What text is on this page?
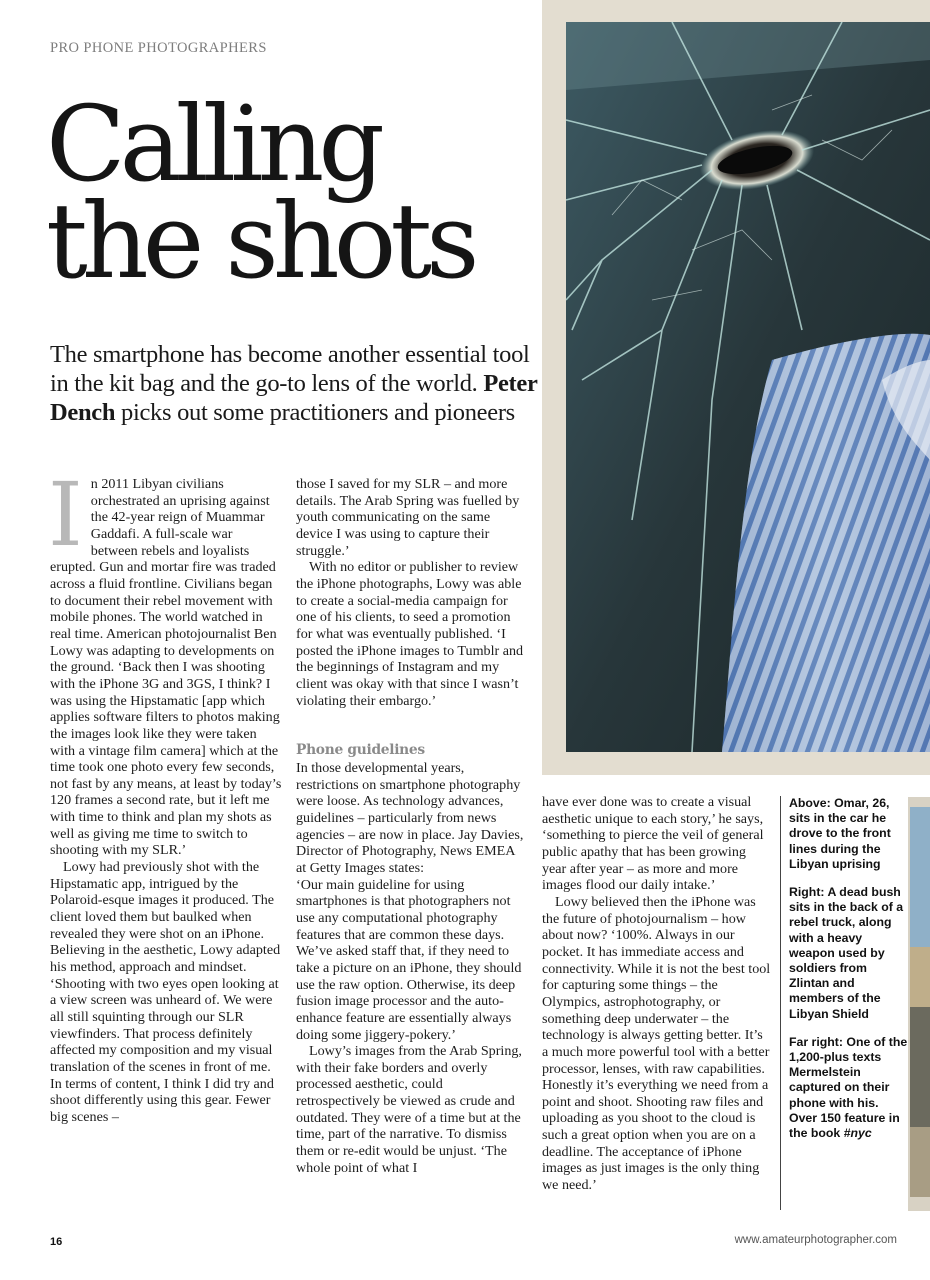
PRO PHONE PHOTOGRAPHERS
Calling
the shots
The smartphone has become another essential tool in the kit bag and the go-to lens of the world. Peter Dench picks out some practitioners and pioneers

In 2011 Libyan civilians orchestrated an uprising against the 42-year reign of Muammar Gaddafi. A full-scale war between rebels and loyalists erupted. Gun and mortar fire was traded across a fluid frontline. Civilians began to document their rebel movement with mobile phones. The world watched in real time. American photojournalist Ben Lowy was adapting to developments on the ground. ‘Back then I was shooting with the iPhone 3G and 3GS, I think? I was using the Hipstamatic [app which applies software filters to photos making the images look like they were taken with a vintage film camera] which at the time took one photo every few seconds, not fast by any means, at least by today’s 120 frames a second rate, but it left me with time to think and plan my shots as well as giving me time to switch to shooting with my SLR.’

Lowy had previously shot with the Hipstamatic app, intrigued by the Polaroid-esque images it produced. The client loved them but baulked when revealed they were shot on an iPhone. Believing in the aesthetic, Lowy adapted his method, approach and mindset. ‘Shooting with two eyes open looking at a view screen was unheard of. We were all still squinting through our SLR viewfinders. That process definitely affected my composition and my visual translation of the scenes in front of me. In terms of content, I think I did try and shoot differently using this gear. Fewer big scenes –

those I saved for my SLR – and more details. The Arab Spring was fuelled by youth communicating on the same device I was using to capture their struggle.’

With no editor or publisher to review the iPhone photographs, Lowy was able to create a social-media campaign for one of his clients, to seed a promotion for what was eventually published. ‘I posted the iPhone images to Tumblr and the beginnings of Instagram and my client was okay with that since I wasn’t violating their embargo.’

Phone guidelines

In those developmental years, restrictions on smartphone photography were loose. As technology advances, guidelines – particularly from news agencies – are now in place. Jay Davies, Director of Photography, News EMEA at Getty Images states:

‘Our main guideline for using smartphones is that photographers not use any computational photography features that are common these days. We’ve asked staff that, if they need to take a picture on an iPhone, they should use the raw option. Otherwise, its deep fusion image processor and the auto-enhance feature are essentially always doing some jiggery-pokery.’

Lowy’s images from the Arab Spring, with their fake borders and overly processed aesthetic, could retrospectively be viewed as crude and outdated. They were of a time but at the time, part of the narrative. To dismiss them or re-edit would be unjust. ‘The whole point of what I

have ever done was to create a visual aesthetic unique to each story,’ he says, ‘something to pierce the veil of general public apathy that has been growing year after year – as more and more images flood our daily intake.’

Lowy believed then the iPhone was the future of photojournalism – how about now? ‘100%. Always in our pocket. It has immediate access and connectivity. While it is not the best tool for capturing some things – the Olympics, astrophotography, or something deep underwater – the technology is always getting better. It’s a much more powerful tool with a better processor, lenses, with raw capabilities. Honestly it’s everything we need from a point and shoot. Shooting raw files and uploading as you shoot to the cloud is such a great option when you are on a deadline. The acceptance of iPhone images as just images is the only thing we need.’

Above: Omar, 26, sits in the car he drove to the front lines during the Libyan uprising

Right: A dead bush sits in the back of a rebel truck, along with a heavy weapon used by soldiers from Zlintan and members of the Libyan Shield

Far right: One of the 1,200-plus texts Mermelstein captured on their phone with his. Over 150 feature in the book #nyc

16	www.amateurphotographer.com
